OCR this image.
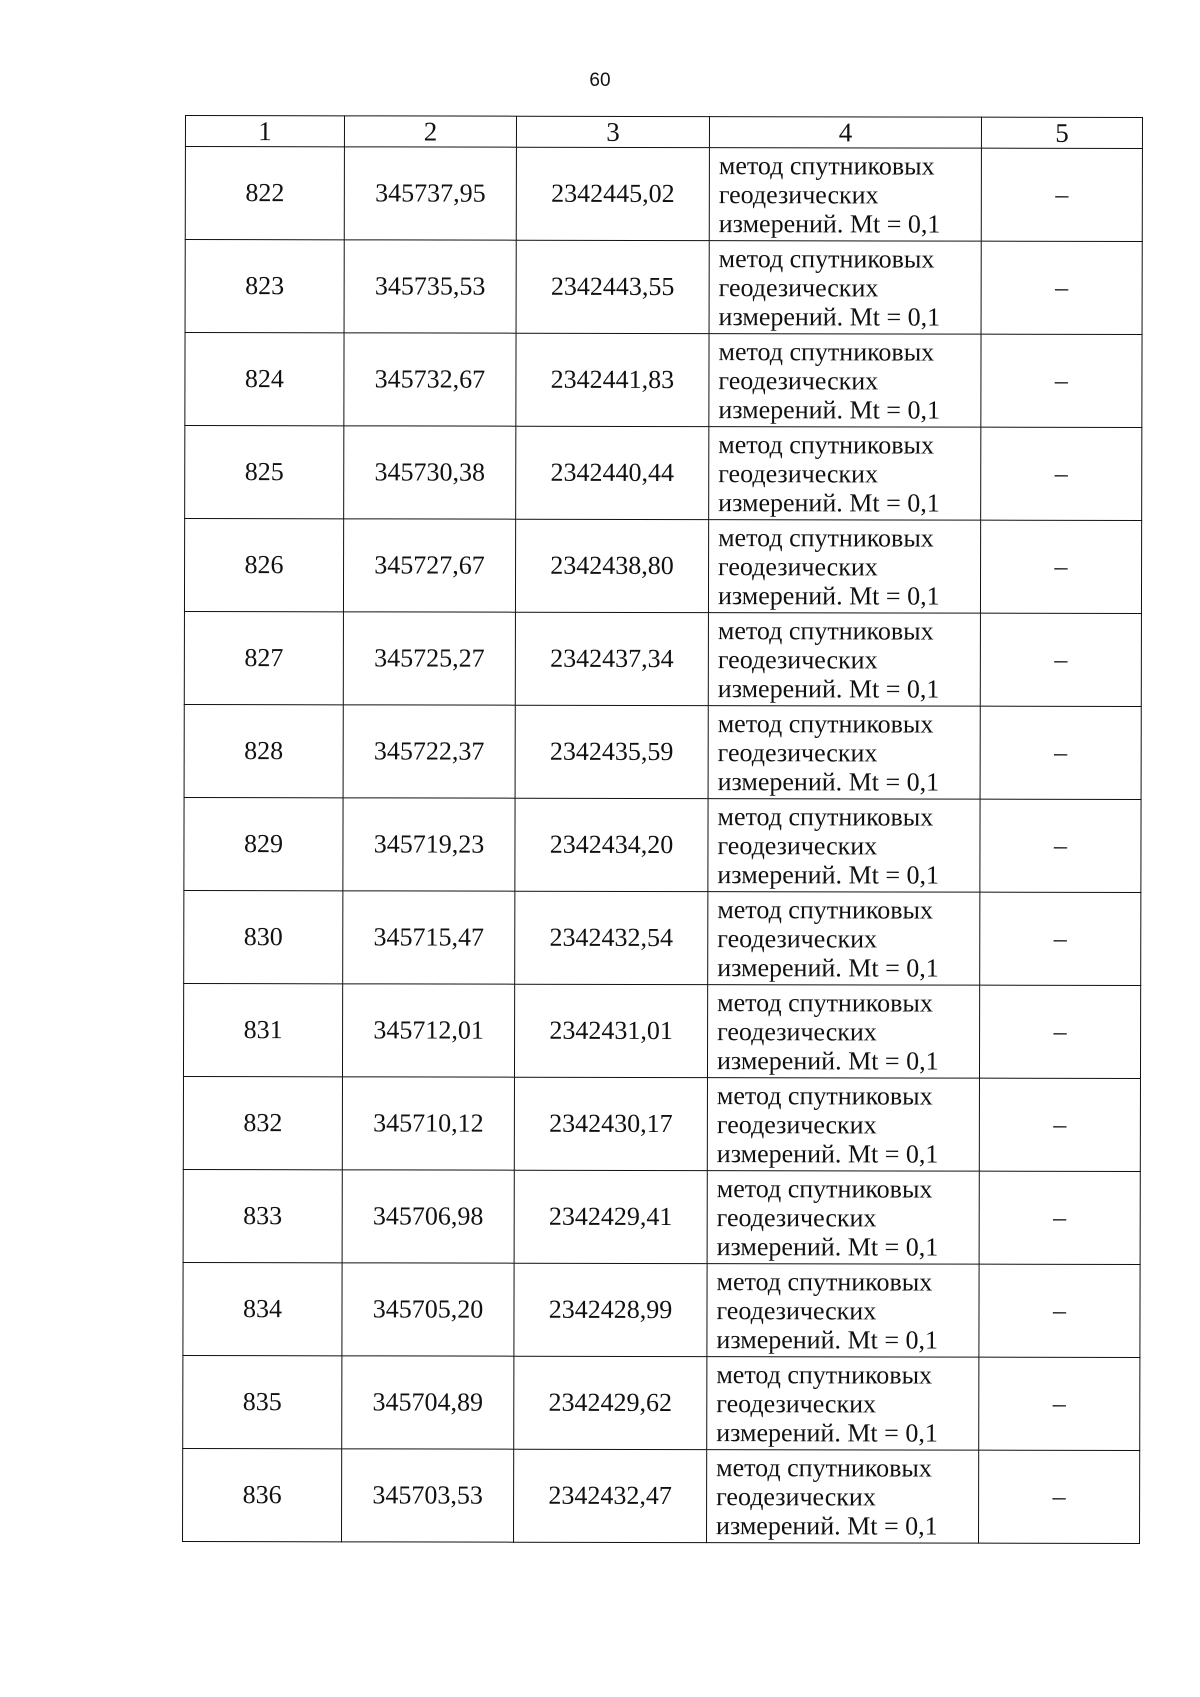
60
1	2	3	4	5
822	345737,95	2342445,02	метод спутниковых
геодезических
измерений. Mt = 0,1	–
823	345735,53	2342443,55	метод спутниковых
геодезических
измерений. Mt = 0,1	–
824	345732,67	2342441,83	метод спутниковых
геодезических
измерений. Mt = 0,1	–
825	345730,38	2342440,44	метод спутниковых
геодезических
измерений. Mt = 0,1	–
826	345727,67	2342438,80	метод спутниковых
геодезических
измерений. Mt = 0,1	–
827	345725,27	2342437,34	метод спутниковых
геодезических
измерений. Mt = 0,1	–
828	345722,37	2342435,59	метод спутниковых
геодезических
измерений. Mt = 0,1	–
829	345719,23	2342434,20	метод спутниковых
геодезических
измерений. Mt = 0,1	–
830	345715,47	2342432,54	метод спутниковых
геодезических
измерений. Mt = 0,1	–
831	345712,01	2342431,01	метод спутниковых
геодезических
измерений. Mt = 0,1	–
832	345710,12	2342430,17	метод спутниковых
геодезических
измерений. Mt = 0,1	–
833	345706,98	2342429,41	метод спутниковых
геодезических
измерений. Mt = 0,1	–
834	345705,20	2342428,99	метод спутниковых
геодезических
измерений. Mt = 0,1	–
835	345704,89	2342429,62	метод спутниковых
геодезических
измерений. Mt = 0,1	–
836	345703,53	2342432,47	метод спутниковых
геодезических
измерений. Mt = 0,1	–
